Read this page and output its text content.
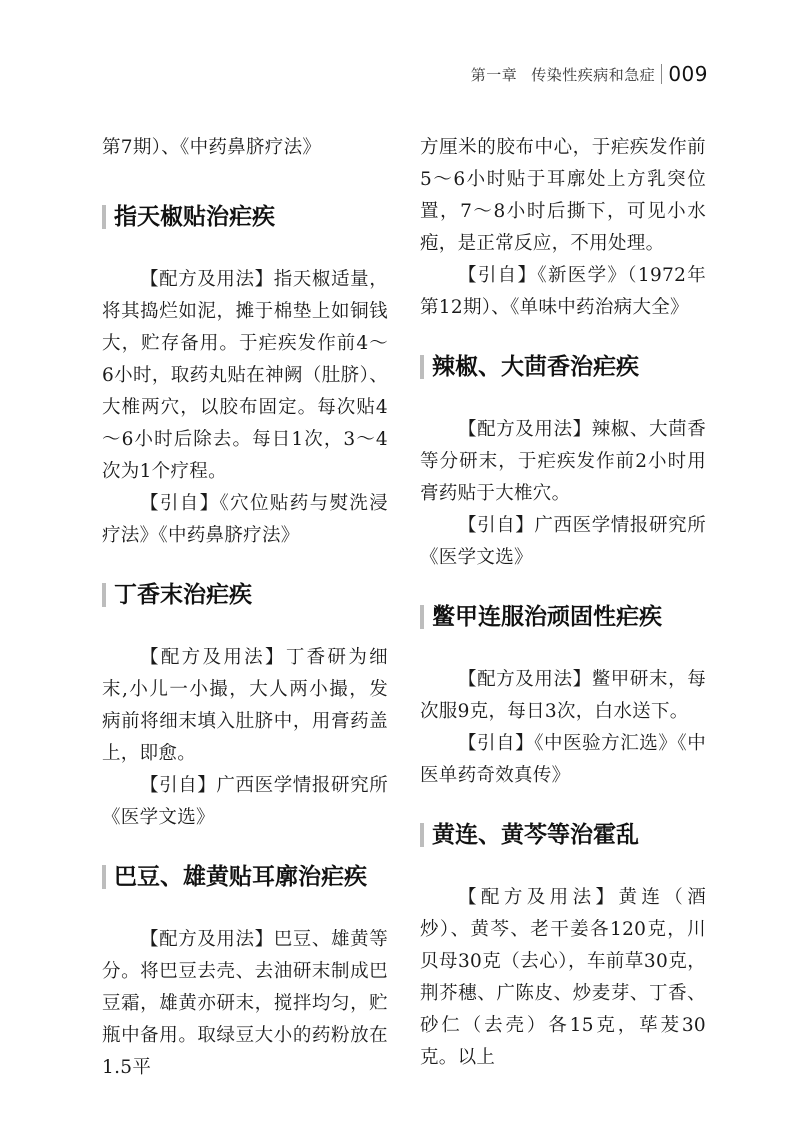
第一章 传染性疾病和急症 009

第7期）、《中药鼻脐疗法》

指天椒贴治疟疾

【配方及用法】指天椒适量，将其捣烂如泥，摊于棉垫上如铜钱大，贮存备用。于疟疾发作前4～6小时，取药丸贴在神阙（肚脐）、大椎两穴，以胶布固定。每次贴4～6小时后除去。每日1次，3～4次为1个疗程。

【引自】《穴位贴药与熨洗浸疗法》《中药鼻脐疗法》

丁香末治疟疾

【配方及用法】丁香研为细末,小儿一小撮，大人两小撮，发病前将细末填入肚脐中，用膏药盖上，即愈。

【引自】广西医学情报研究所《医学文选》

巴豆、雄黄贴耳廓治疟疾

【配方及用法】巴豆、雄黄等分。将巴豆去壳、去油研末制成巴豆霜，雄黄亦研末，搅拌均匀，贮瓶中备用。取绿豆大小的药粉放在1.5平

方厘米的胶布中心，于疟疾发作前5～6小时贴于耳廓处上方乳突位置，7～8小时后撕下，可见小水疱，是正常反应，不用处理。

【引自】《新医学》（1972年第12期）、《单味中药治病大全》

辣椒、大茴香治疟疾

【配方及用法】辣椒、大茴香等分研末，于疟疾发作前2小时用膏药贴于大椎穴。

【引自】广西医学情报研究所《医学文选》

鳖甲连服治顽固性疟疾

【配方及用法】鳖甲研末，每次服9克，每日3次，白水送下。

【引自】《中医验方汇选》《中医单药奇效真传》

黄连、黄芩等治霍乱

【配方及用法】黄连（酒炒）、黄芩、老干姜各120克，川贝母30克（去心），车前草30克，荆芥穗、广陈皮、炒麦芽、丁香、砂仁（去壳）各15克，荜茇30克。以上
